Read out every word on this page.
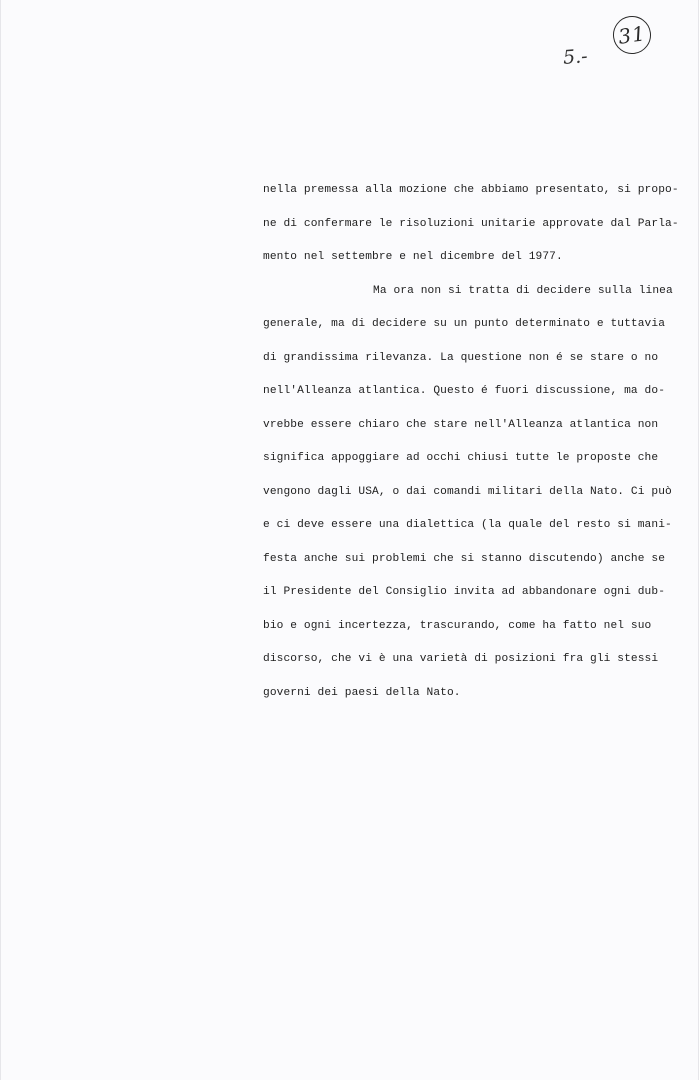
31
5.-
nella premessa alla mozione che abbiamo presentato, si propo-
ne di confermare le risoluzioni unitarie approvate dal Parla-
mento nel settembre e nel dicembre del 1977.
Ma ora non si tratta di decidere sulla linea
generale, ma di decidere su un punto determinato e tuttavia
di grandissima rilevanza. La questione non é se stare o no
nell'Alleanza atlantica. Questo é fuori discussione, ma do-
vrebbe essere chiaro che stare nell'Alleanza atlantica non
significa appoggiare ad occhi chiusi tutte le proposte che
vengono dagli USA, o dai comandi militari della Nato. Ci può
e ci deve essere una dialettica (la quale del resto si mani-
festa anche sui problemi che si stanno discutendo) anche se
il Presidente del Consiglio invita ad abbandonare ogni dub-
bio e ogni incertezza, trascurando, come ha fatto nel suo
discorso, che vi è una varietà di posizioni fra gli stessi
governi dei paesi della Nato.
